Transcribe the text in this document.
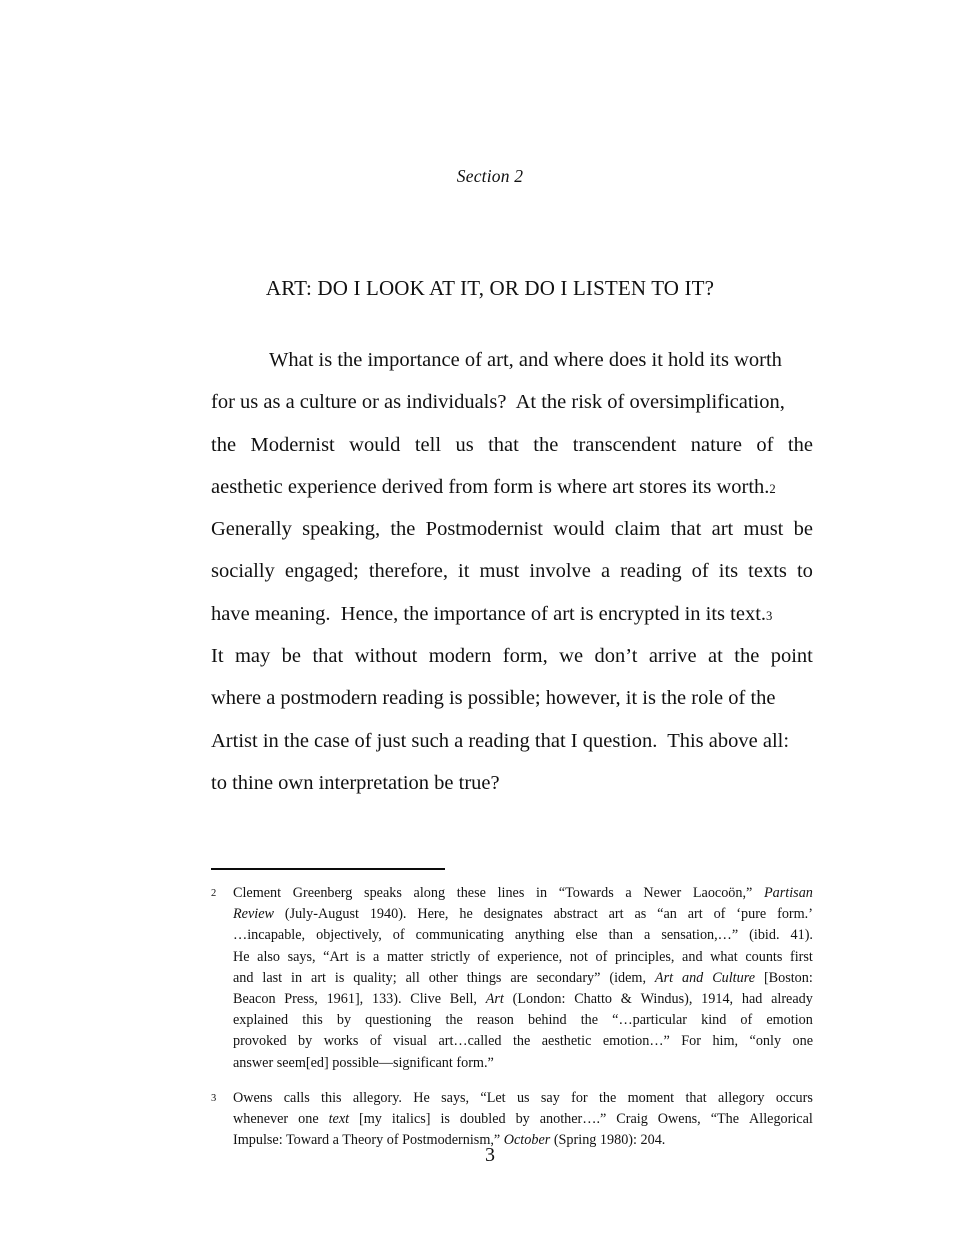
Section 2
ART: DO I LOOK AT IT, OR DO I LISTEN TO IT?
What is the importance of art, and where does it hold its worth
for us as a culture or as individuals?  At the risk of oversimplification,
the Modernist would tell us that the transcendent nature of the
aesthetic experience derived from form is where art stores its worth. 2
Generally speaking, the Postmodernist would claim that art must be
socially engaged; therefore, it must involve a reading of its texts to
have meaning.  Hence, the importance of art is encrypted in its text. 3
It may be that without modern form, we don’t arrive at the point
where a postmodern reading is possible; however, it is the role of the
Artist in the case of just such a reading that I question.  This above all:
to thine own interpretation be true?
2 Clement Greenberg speaks along these lines in “Towards a Newer Laocoön,” Partisan
Review (July-August 1940). Here, he designates abstract art as “an art of ‘pure form.’
…incapable, objectively, of communicating anything else than a sensation,…” (ibid. 41).
He also says, “Art is a matter strictly of experience, not of principles, and what counts first
and last in art is quality; all other things are secondary” (idem, Art and Culture [Boston:
Beacon Press, 1961], 133). Clive Bell, Art (London: Chatto & Windus), 1914, had already
explained this by questioning the reason behind the “…particular kind of emotion
provoked by works of visual art…called the aesthetic emotion…” For him, “only one
answer seem[ed] possible—significant form.”
3 Owens calls this allegory. He says, “Let us say for the moment that allegory occurs
whenever one text [my italics] is doubled by another….” Craig Owens, “The Allegorical
Impulse: Toward a Theory of Postmodernism,” October (Spring 1980): 204.
3
